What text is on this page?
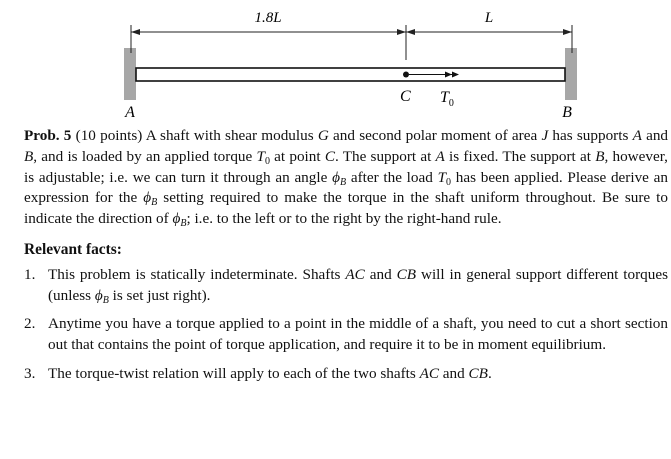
1.8L	L
C $T_0$
A	B

Prob. 5 (10 points) A shaft with shear modulus G and second polar moment of area J has supports A and B, and is loaded by an applied torque $T_0$ at point C. The support at A is fixed. The support at B, however, is adjustable; i.e. we can turn it through an angle $\phi_B$ after the load $T_0$ has been applied. Please derive an expression for the $\phi_B$ setting required to make the torque in the shaft uniform throughout. Be sure to indicate the direction of $\phi_B$; i.e. to the left or to the right by the right-hand rule.

Relevant facts:
1. This problem is statically indeterminate. Shafts AC and CB will in general support different torques (unless $\phi_B$ is set just right).
2. Anytime you have a torque applied to a point in the middle of a shaft, you need to cut a short section out that contains the point of torque application, and require it to be in moment equilibrium.
3. The torque-twist relation will apply to each of the two shafts AC and CB.
